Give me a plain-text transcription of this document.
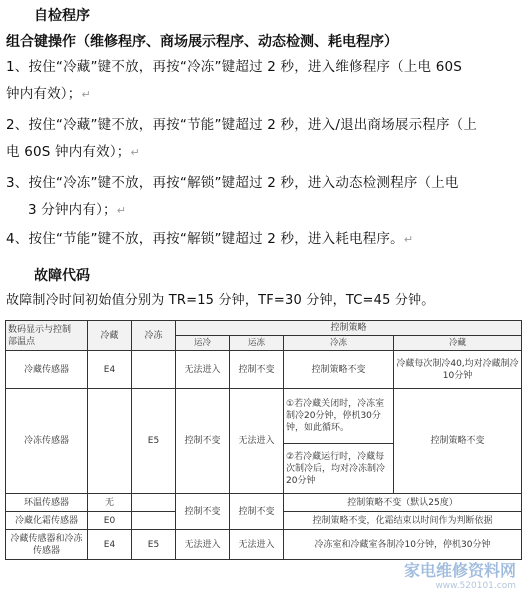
自检程序
组合键操作（维修程序、商场展示程序、动态检测、耗电程序）
1、按住“冷藏”键不放，再按“冷冻”键超过 2 秒，进入维修程序（上电 60S
钟内有效）；↵
2、按住“冷藏”键不放，再按“节能”键超过 2 秒，进入/退出商场展示程序（上
电 60S 钟内有效）；↵
3、按住“冷冻”键不放，再按“解锁”键超过 2 秒，进入动态检测程序（上电
3 分钟内有）；↵
4、按住“节能”键不放，再按“解锁”键超过 2 秒，进入耗电程序。↵
故障代码
故障制冷时间初始值分别为 TR=15 分钟，TF=30 分钟，TC=45 分钟。
数码显示与控制
部温点	冷藏	冷冻	控制策略			
			运冷	运冻	冷冻	冷藏
冷藏传感器	E4		无法进入	控制不变	控制策略不变	冷藏每次制冷40,均对冷藏制冷10分钟
冷冻传感器		E5	控制不变	无法进入	①若冷藏关闭时，冷冻室制冷20分钟，停机30分钟，如此循环。	控制策略不变
					②若冷藏运行时，冷藏每次制冷后，均对冷冻制冷20分钟	
环温传感器	无		控制不变	控制不变	控制策略不变（默认25度）	
冷藏化霜传感器	E0				控制策略不变，化霜结束以时间作为判断依据	
冷藏传感器和冷冻传感器	E4	E5	无法进入	无法进入	冷冻室和冷藏室各制冷10分钟，停机30分钟	
家电维修资料网
www.520101.com
